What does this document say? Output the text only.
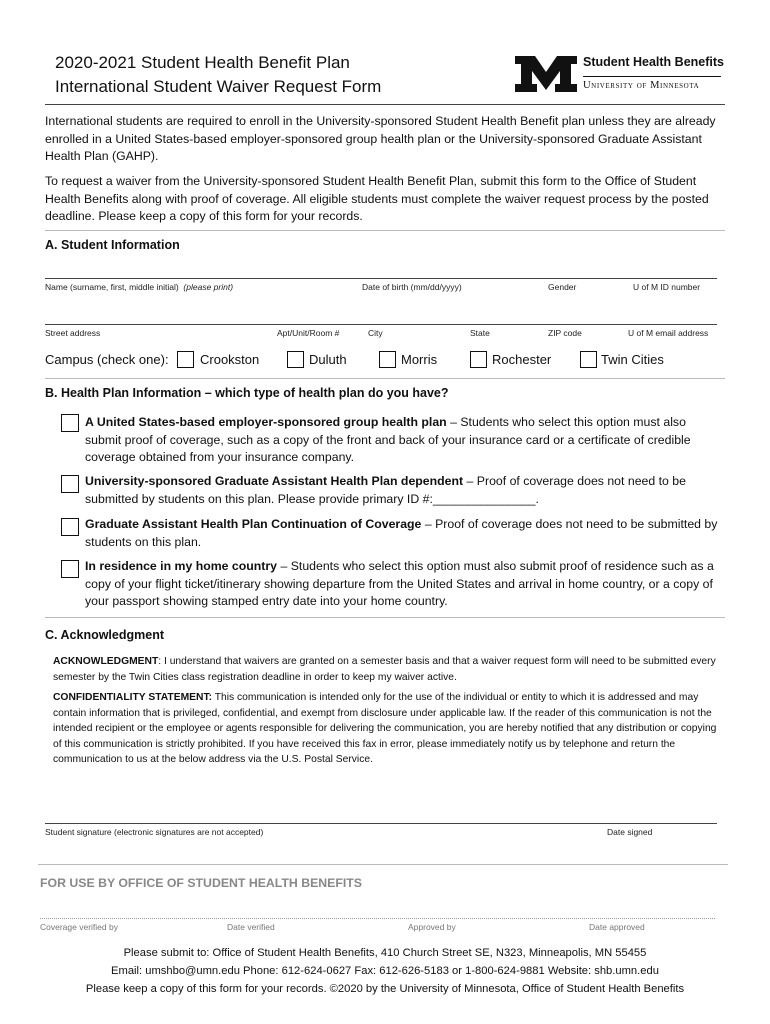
2020-2021 Student Health Benefit Plan
International Student Waiver Request Form
Student Health Benefits
University of Minnesota
International students are required to enroll in the University-sponsored Student Health Benefit plan unless they are already enrolled in a United States-based employer-sponsored group health plan or the University-sponsored Graduate Assistant Health Plan (GAHP).
To request a waiver from the University-sponsored Student Health Benefit Plan, submit this form to the Office of Student Health Benefits along with proof of coverage. All eligible students must complete the waiver request process by the posted deadline. Please keep a copy of this form for your records.
A. Student Information
Name (surname, first, middle initial) (please print)	Date of birth (mm/dd/yyyy)	Gender	U of M ID number
Street address	Apt/Unit/Room #	City	State	ZIP code	U of M email address
Campus (check one): Crookston	Duluth	Morris	Rochester	Twin Cities
B. Health Plan Information – which type of health plan do you have?
A United States-based employer-sponsored group health plan – Students who select this option must also submit proof of coverage, such as a copy of the front and back of your insurance card or a certificate of credible coverage obtained from your insurance company.
University-sponsored Graduate Assistant Health Plan dependent – Proof of coverage does not need to be submitted by students on this plan. Please provide primary ID #:_______________.
Graduate Assistant Health Plan Continuation of Coverage – Proof of coverage does not need to be submitted by students on this plan.
In residence in my home country – Students who select this option must also submit proof of residence such as a copy of your flight ticket/itinerary showing departure from the United States and arrival in home country, or a copy of your passport showing stamped entry date into your home country.
C. Acknowledgment
ACKNOWLEDGMENT: I understand that waivers are granted on a semester basis and that a waiver request form will need to be submitted every semester by the Twin Cities class registration deadline in order to keep my waiver active.
CONFIDENTIALITY STATEMENT: This communication is intended only for the use of the individual or entity to which it is addressed and may contain information that is privileged, confidential, and exempt from disclosure under applicable law. If the reader of this communication is not the intended recipient or the employee or agents responsible for delivering the communication, you are hereby notified that any distribution or copying of this communication is strictly prohibited. If you have received this fax in error, please immediately notify us by telephone and return the communication to us at the below address via the U.S. Postal Service.
Student signature (electronic signatures are not accepted)	Date signed
FOR USE BY OFFICE OF STUDENT HEALTH BENEFITS
Coverage verified by	Date verified	Approved by	Date approved
Please submit to: Office of Student Health Benefits, 410 Church Street SE, N323, Minneapolis, MN 55455
Email: umshbo@umn.edu Phone: 612-624-0627 Fax: 612-626-5183 or 1-800-624-9881 Website: shb.umn.edu
Please keep a copy of this form for your records. ©2020 by the University of Minnesota, Office of Student Health Benefits
